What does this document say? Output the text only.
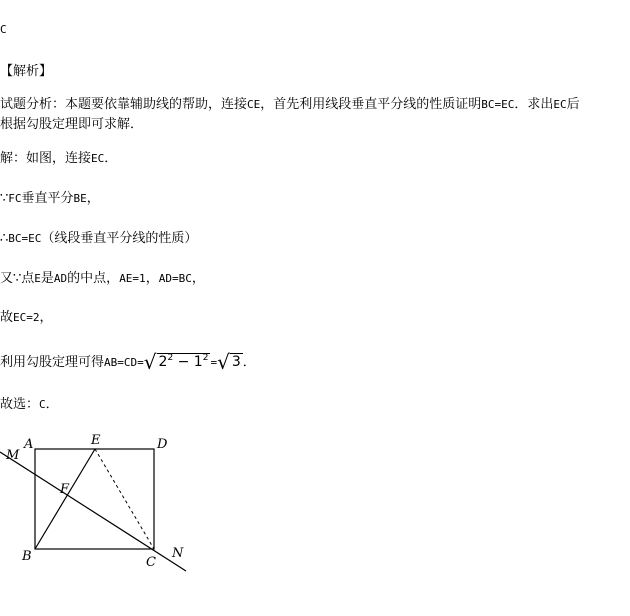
C
【解析】
试题分析：本题要依靠辅助线的帮助，连接CE，首先利用线段垂直平分线的性质证明BC=EC．求出EC后
根据勾股定理即可求解．
解：如图，连接EC．
∵FC垂直平分BE，
∴BC=EC（线段垂直平分线的性质）
又∵点E是AD的中点，AE=1，AD=BC，
故EC=2，
利用勾股定理可得AB=CD=√ $2^2 - 1^2$ =√ 3 ．
故选：C．
M
A	E	D
F
B	C
N
